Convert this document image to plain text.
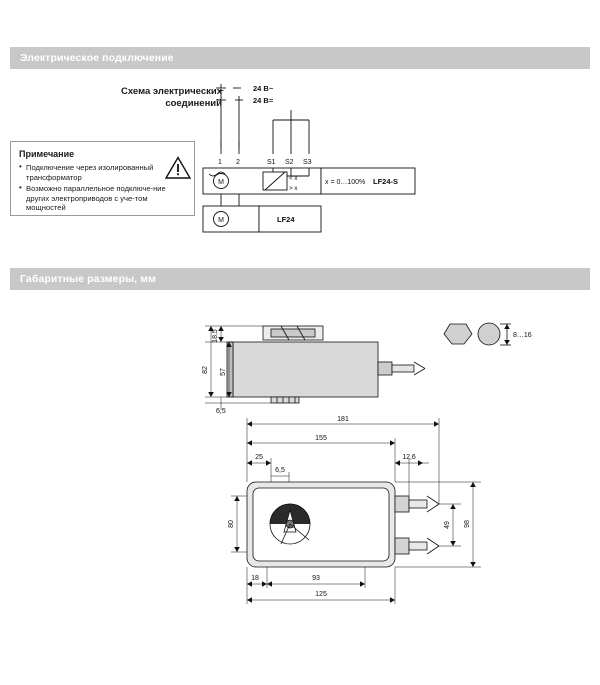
Электрическое подключение
Схема электрических
соединений
Примечание
• Подключение через изолированный трансформатор
• Возможно параллельное подключе-ние других электроприводов с уче-том мощностей
1 2	S1 S2 S3
24 В~
24 В=
M
< x
> x
x = 0…100% LF24-S
M	LF24
Габаритные размеры, мм
18,5
82 57
6,5
8…16
181
155
25
6,5
12,6
80	49 98
18	93
125
